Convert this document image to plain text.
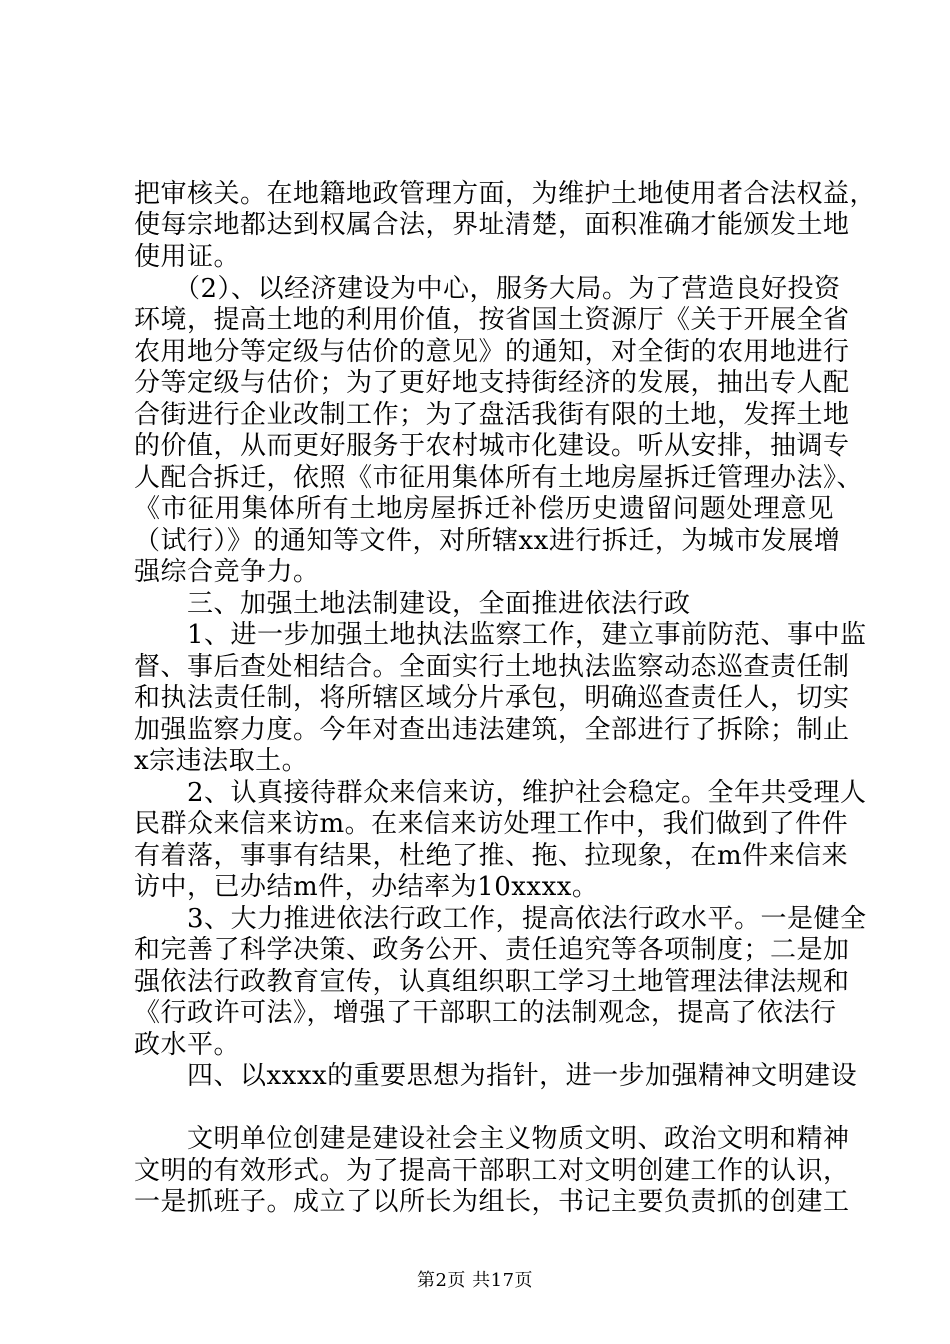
把审核关。在地籍地政管理方面，为维护土地使用者合法权益，
使每宗地都达到权属合法，界址清楚，面积准确才能颁发土地
使用证。
　　（2）、以经济建设为中心，服务大局。为了营造良好投资
环境，提高土地的利用价值，按省国土资源厅《关于开展全省
农用地分等定级与估价的意见》的通知，对全街的农用地进行
分等定级与估价；为了更好地支持街经济的发展，抽出专人配
合街进行企业改制工作；为了盘活我街有限的土地，发挥土地
的价值，从而更好服务于农村城市化建设。听从安排，抽调专
人配合拆迁，依照《市征用集体所有土地房屋拆迁管理办法》、
《市征用集体所有土地房屋拆迁补偿历史遗留问题处理意见
（试行）》的通知等文件，对所辖xx进行拆迁，为城市发展增
强综合竞争力。
　　三、加强土地法制建设，全面推进依法行政
　　1、进一步加强土地执法监察工作，建立事前防范、事中监
督、事后查处相结合。全面实行土地执法监察动态巡查责任制
和执法责任制，将所辖区域分片承包，明确巡查责任人，切实
加强监察力度。今年对查出违法建筑，全部进行了拆除；制止
x宗违法取土。
　　2、认真接待群众来信来访，维护社会稳定。全年共受理人
民群众来信来访m。在来信来访处理工作中，我们做到了件件
有着落，事事有结果，杜绝了推、拖、拉现象，在m件来信来
访中，已办结m件，办结率为10xxxx。
　　3、大力推进依法行政工作，提高依法行政水平。一是健全
和完善了科学决策、政务公开、责任追究等各项制度；二是加
强依法行政教育宣传，认真组织职工学习土地管理法律法规和
《行政许可法》，增强了干部职工的法制观念，提高了依法行
政水平。
　　四、以xxxx的重要思想为指针，进一步加强精神文明建设
　　文明单位创建是建设社会主义物质文明、政治文明和精神
文明的有效形式。为了提高干部职工对文明创建工作的认识，
一是抓班子。成立了以所长为组长，书记主要负责抓的创建工
第2页 共17页
